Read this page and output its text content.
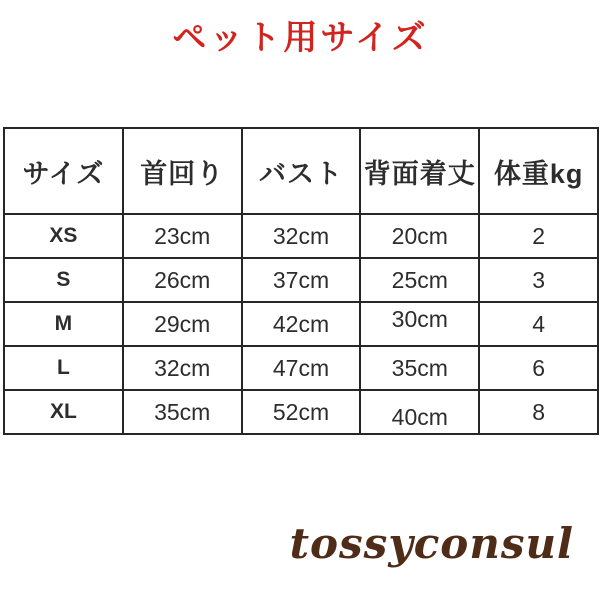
ペット用サイズ
サイズ	首回り	バスト	背面着丈	体重kg
XS	23cm	32cm	20cm	2
S	26cm	37cm	25cm	3
M	29cm	42cm	30cm	4
L	32cm	47cm	35cm	6
XL	35cm	52cm	40cm	8
tossyconsul
